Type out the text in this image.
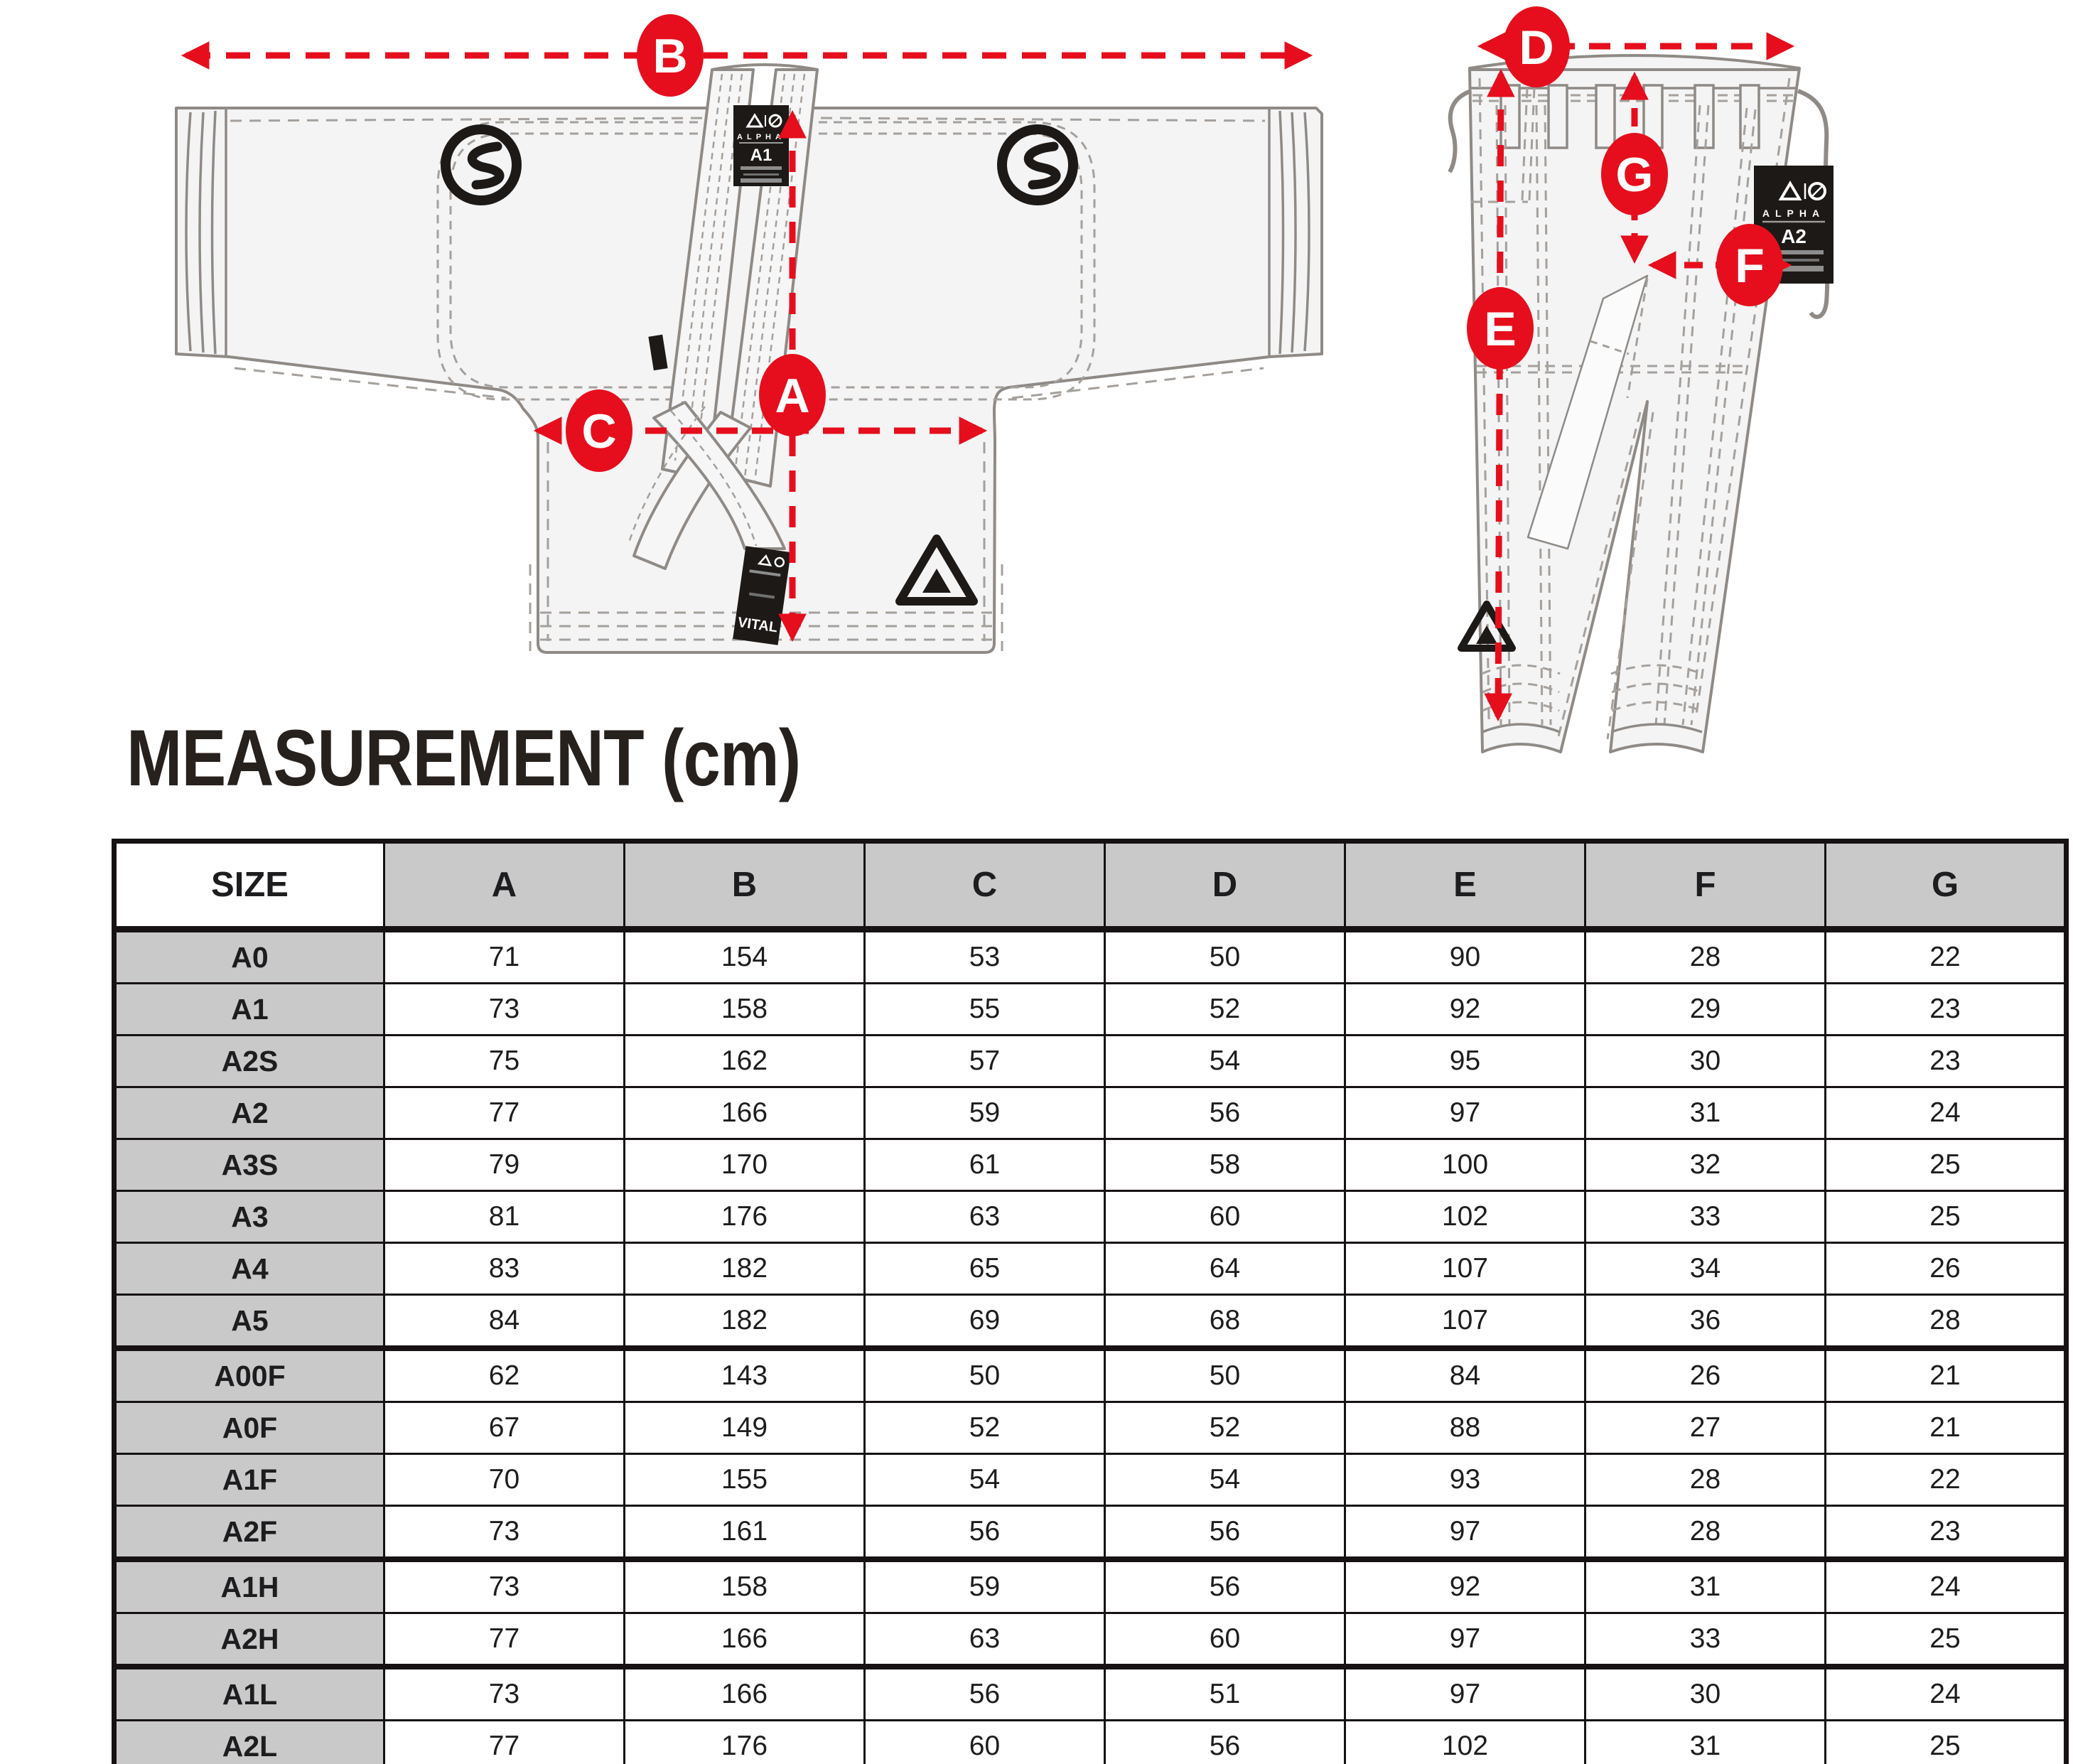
ALPHA
A1
VITAL
ALPHA
A2
B
A
C
D
E
G
F
MEASUREMENT (cm)
SIZE	A	B	C	D	E	F	G
A0	71	154	53	50	90	28	22
A1	73	158	55	52	92	29	23
A2S	75	162	57	54	95	30	23
A2	77	166	59	56	97	31	24
A3S	79	170	61	58	100	32	25
A3	81	176	63	60	102	33	25
A4	83	182	65	64	107	34	26
A5	84	182	69	68	107	36	28
A00F	62	143	50	50	84	26	21
A0F	67	149	52	52	88	27	21
A1F	70	155	54	54	93	28	22
A2F	73	161	56	56	97	28	23
A1H	73	158	59	56	92	31	24
A2H	77	166	63	60	97	33	25
A1L	73	166	56	51	97	30	24
A2L	77	176	60	56	102	31	25
